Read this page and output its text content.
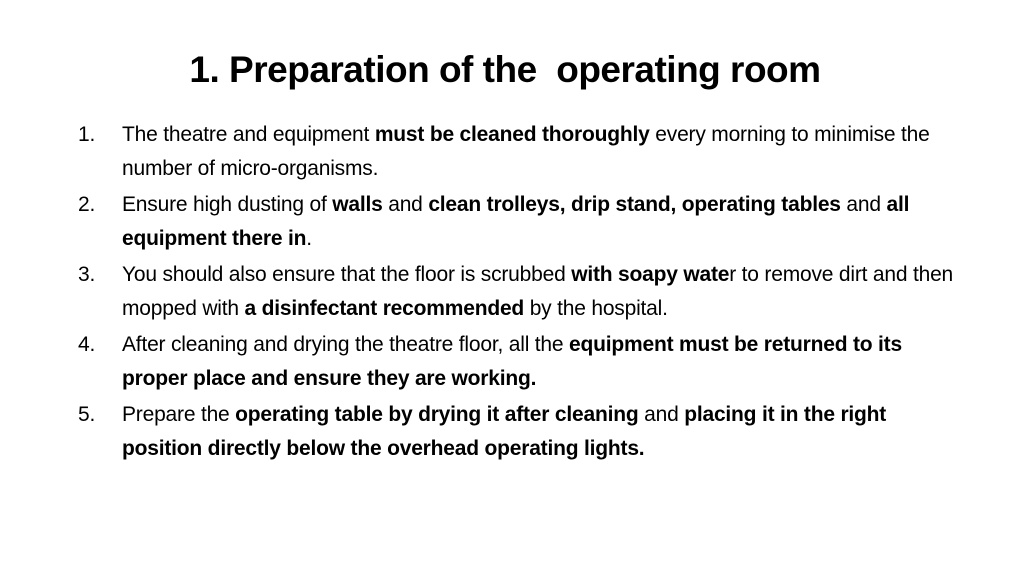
1. Preparation of the  operating room
1. The theatre and equipment must be cleaned thoroughly every morning to minimise the number of micro-organisms.
2. Ensure high dusting of walls and clean trolleys, drip stand, operating tables and all equipment there in.
3. You should also ensure that the floor is scrubbed with soapy water to remove dirt and then mopped with a disinfectant recommended by the hospital.
4. After cleaning and drying the theatre floor, all the equipment must be returned to its proper place and ensure they are working.
5. Prepare the operating table by drying it after cleaning and placing it in the right position directly below the overhead operating lights.
